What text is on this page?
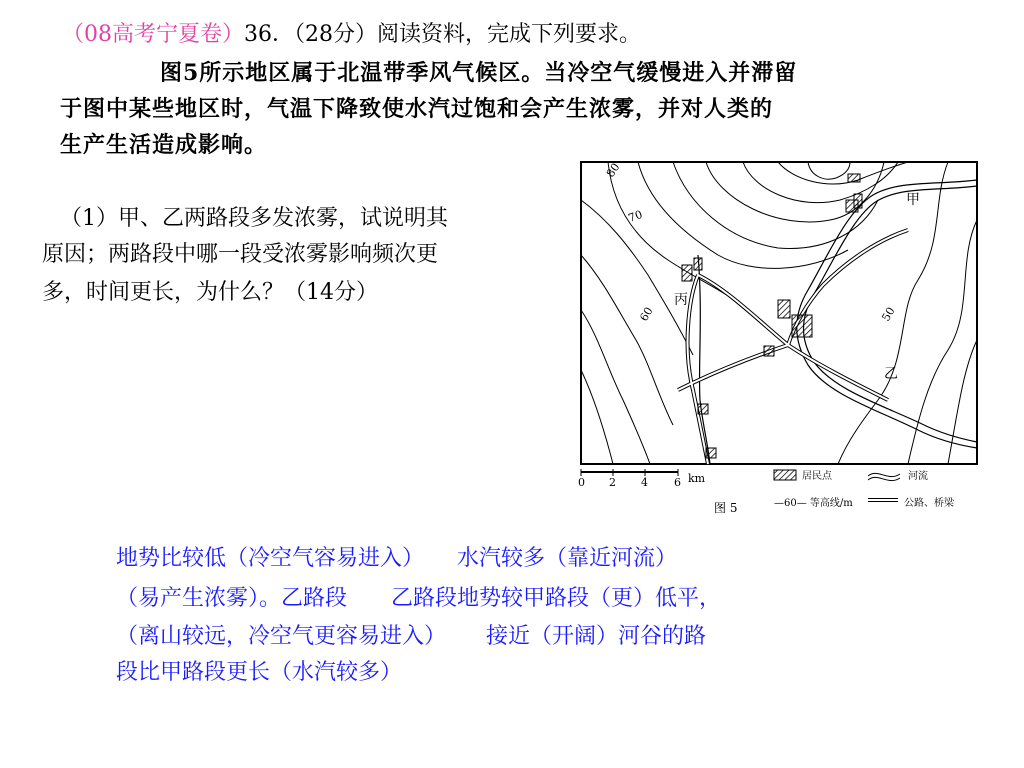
（08高考宁夏卷）36．（28分）阅读资料，完成下列要求。
图5所示地区属于北温带季风气候区。当冷空气缓慢进入并滞留
于图中某些地区时，气温下降致使水汽过饱和会产生浓雾，并对人类的
生产生活造成影响。
（1）甲、乙两路段多发浓雾，试说明其
原因；两路段中哪一段受浓雾影响频次更
多，时间更长，为什么？（14分）
80
70
60	50
甲
乙
丙
0 2 4 6 km	居民点	河流
—60— 等高线/m	公路、桥梁
图 5
地势比较低（冷空气容易进入）　　水汽较多（靠近河流）
（易产生浓雾）。乙路段　　乙路段地势较甲路段（更）低平，
（离山较远，冷空气更容易进入）　　 接近（开阔）河谷的路
段比甲路段更长（水汽较多）
